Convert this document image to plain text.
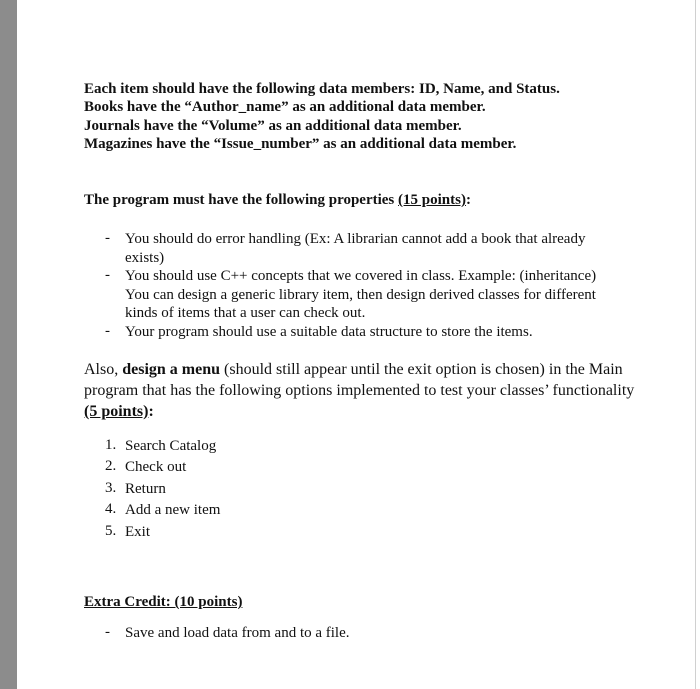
Each item should have the following data members: ID, Name, and Status.
Books have the “Author_name” as an additional data member.
Journals have the “Volume” as an additional data member.
Magazines have the “Issue_number” as an additional data member.
The program must have the following properties (15 points):
- You should do error handling (Ex: A librarian cannot add a book that already
exists)
- You should use C++ concepts that we covered in class. Example: (inheritance)
You can design a generic library item, then design derived classes for different
kinds of items that a user can check out.
- Your program should use a suitable data structure to store the items.
Also, design a menu (should still appear until the exit option is chosen) in the Main
program that has the following options implemented to test your classes’ functionality
(5 points):
1. Search Catalog
2. Check out
3. Return
4. Add a new item
5. Exit
Extra Credit: (10 points)
- Save and load data from and to a file.
